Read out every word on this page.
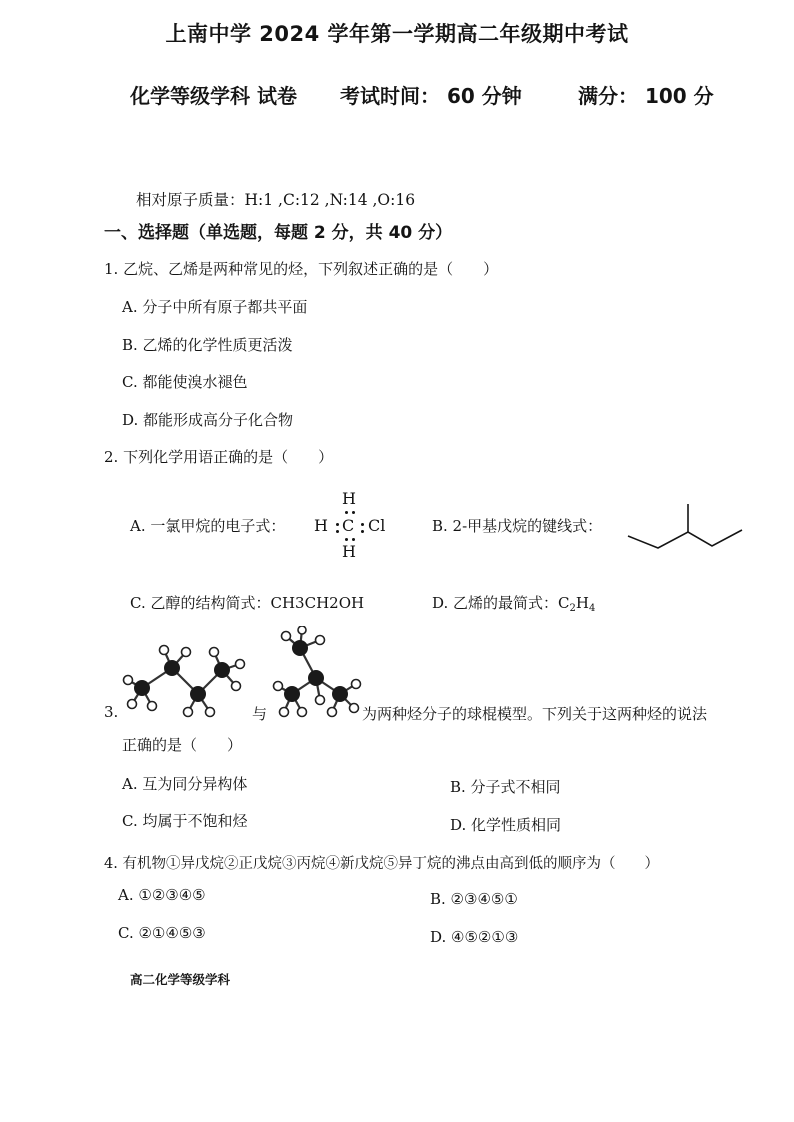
上南中学 2024 学年第一学期高二年级期中考试
化学等级学科 试卷 考试时间： 60 分钟	满分： 100 分
相对原子质量：H:1 ,C:12 ,N:14 ,O:16
一、选择题（单选题，每题 2 分，共 40 分）
1. 乙烷、乙烯是两种常见的烃，下列叙述正确的是（　　）
A. 分子中所有原子都共平面
B. 乙烯的化学性质更活泼
C. 都能使溴水褪色
D. 都能形成高分子化合物
2. 下列化学用语正确的是（　　）
A. 一氯甲烷的电子式：
H
H C Cl
H
B. 2-甲基戊烷的键线式：
C. 乙醇的结构简式：CH3CH2OH	D. 乙烯的最简式：$C_2H_4$
3.	与	为两种烃分子的球棍模型。下列关于这两种烃的说法
正确的是（　　）
A. 互为同分异构体	B. 分子式不相同
C. 均属于不饱和烃	D. 化学性质相同
4. 有机物①异戊烷②正戊烷③丙烷④新戊烷⑤异丁烷的沸点由高到低的顺序为（　　）
A. ①②③④⑤	B. ②③④⑤①
C. ②①④⑤③	D. ④⑤②①③
高二化学等级学科
